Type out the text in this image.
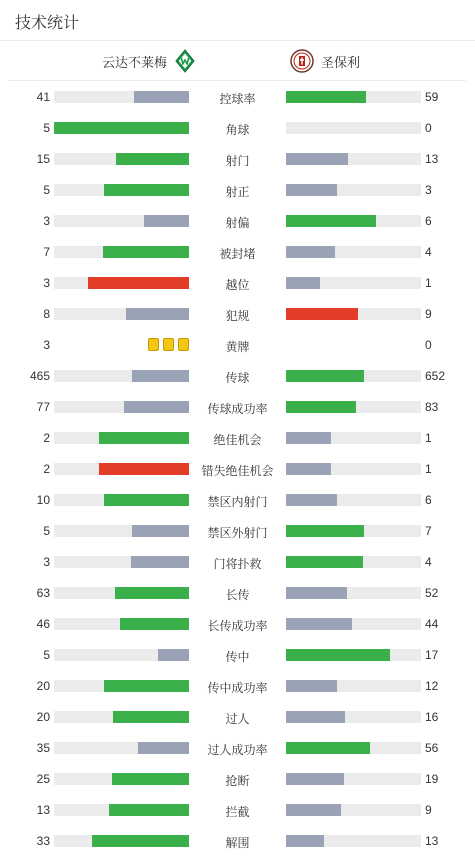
技术统计
云达不莱梅	圣保利
41	控球率	59
5	角球	0
15	射门	13
5	射正	3
3	射偏	6
7	被封堵	4
3	越位	1
8	犯规	9
3	黄牌	0
465	传球	652
77	传球成功率	83
2	绝佳机会	1
2	错失绝佳机会	1
10	禁区内射门	6
5	禁区外射门	7
3	门将扑救	4
63	长传	52
46	长传成功率	44
5	传中	17
20	传中成功率	12
20	过人	16
35	过人成功率	56
25	抢断	19
13	拦截	9
33	解围	13
